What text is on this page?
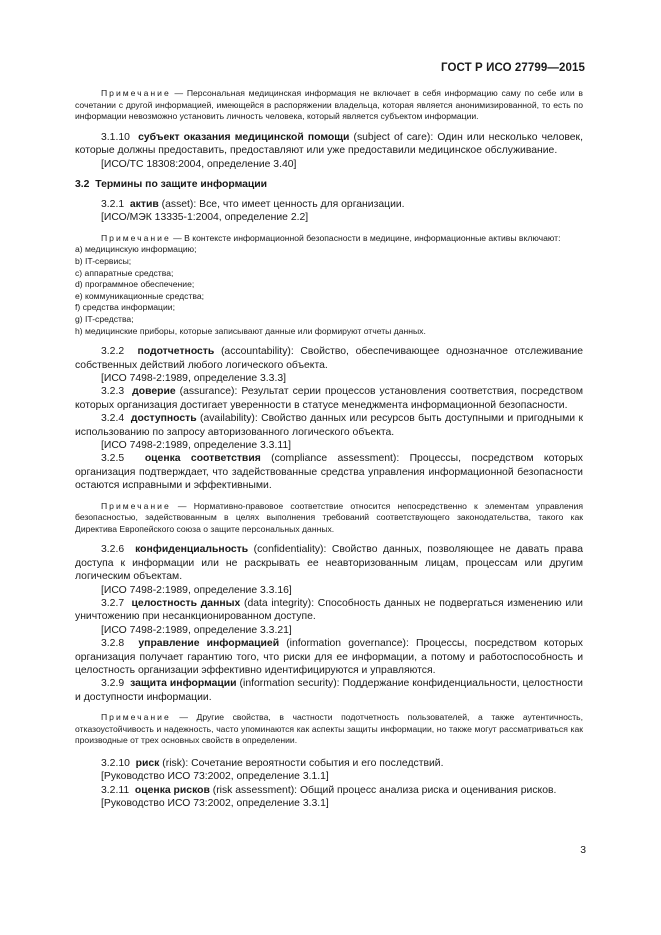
ГОСТ Р ИСО 27799—2015

Примечание — Персональная медицинская информация не включает в себя информацию саму по себе или в сочетании с другой информацией, имеющейся в распоряжении владельца, которая является анонимизированной, то есть по информации невозможно установить личность человека, который является субъектом информации.

3.1.10 субъект оказания медицинской помощи (subject of care): Один или несколько человек, которые должны предоставить, предоставляют или уже предоставили медицинское обслуживание.

[ИСО/ТС 18308:2004, определение 3.40]

3.2 Термины по защите информации

3.2.1 актив (asset): Все, что имеет ценность для организации.

[ИСО/МЭК 13335-1:2004, определение 2.2]

Примечание — В контексте информационной безопасности в медицине, информационные активы включают:

a) медицинскую информацию;

b) IT-сервисы;

c) аппаратные средства;

d) программное обеспечение;

e) коммуникационные средства;

f) средства информации;

g) IT-средства;

h) медицинские приборы, которые записывают данные или формируют отчеты данных.

3.2.2 подотчетность (accountability): Свойство, обеспечивающее однозначное отслеживание собственных действий любого логического объекта.

[ИСО 7498-2:1989, определение 3.3.3]

3.2.3 доверие (assurance): Результат серии процессов установления соответствия, посредством которых организация достигает уверенности в статусе менеджмента информационной безопасности.

3.2.4 доступность (availability): Свойство данных или ресурсов быть доступными и пригодными к использованию по запросу авторизованного логического объекта.

[ИСО 7498-2:1989, определение 3.3.11]

3.2.5 оценка соответствия (compliance assessment): Процессы, посредством которых организация подтверждает, что задействованные средства управления информационной безопасности остаются исправными и эффективными.

Примечание — Нормативно-правовое соответствие относится непосредственно к элементам управления безопасностью, задействованным в целях выполнения требований соответствующего законодательства, такого как Директива Европейского союза о защите персональных данных.

3.2.6 конфиденциальность (confidentiality): Свойство данных, позволяющее не давать права доступа к информации или не раскрывать ее неавторизованным лицам, процессам или другим логическим объектам.

[ИСО 7498-2:1989, определение 3.3.16]

3.2.7 целостность данных (data integrity): Способность данных не подвергаться изменению или уничтожению при несанкционированном доступе.

[ИСО 7498-2:1989, определение 3.3.21]

3.2.8 управление информацией (information governance): Процессы, посредством которых организация получает гарантию того, что риски для ее информации, а потому и работоспособность и целостность организации эффективно идентифицируются и управляются.

3.2.9 защита информации (information security): Поддержание конфиденциальности, целостности и доступности информации.

Примечание — Другие свойства, в частности подотчетность пользователей, а также аутентичность, отказоустойчивость и надежность, часто упоминаются как аспекты защиты информации, но также могут рассматриваться как производные от трех основных свойств в определении.

3.2.10 риск (risk): Сочетание вероятности события и его последствий.

[Руководство ИСО 73:2002, определение 3.1.1]

3.2.11 оценка рисков (risk assessment): Общий процесс анализа риска и оценивания рисков.

[Руководство ИСО 73:2002, определение 3.3.1]

3
